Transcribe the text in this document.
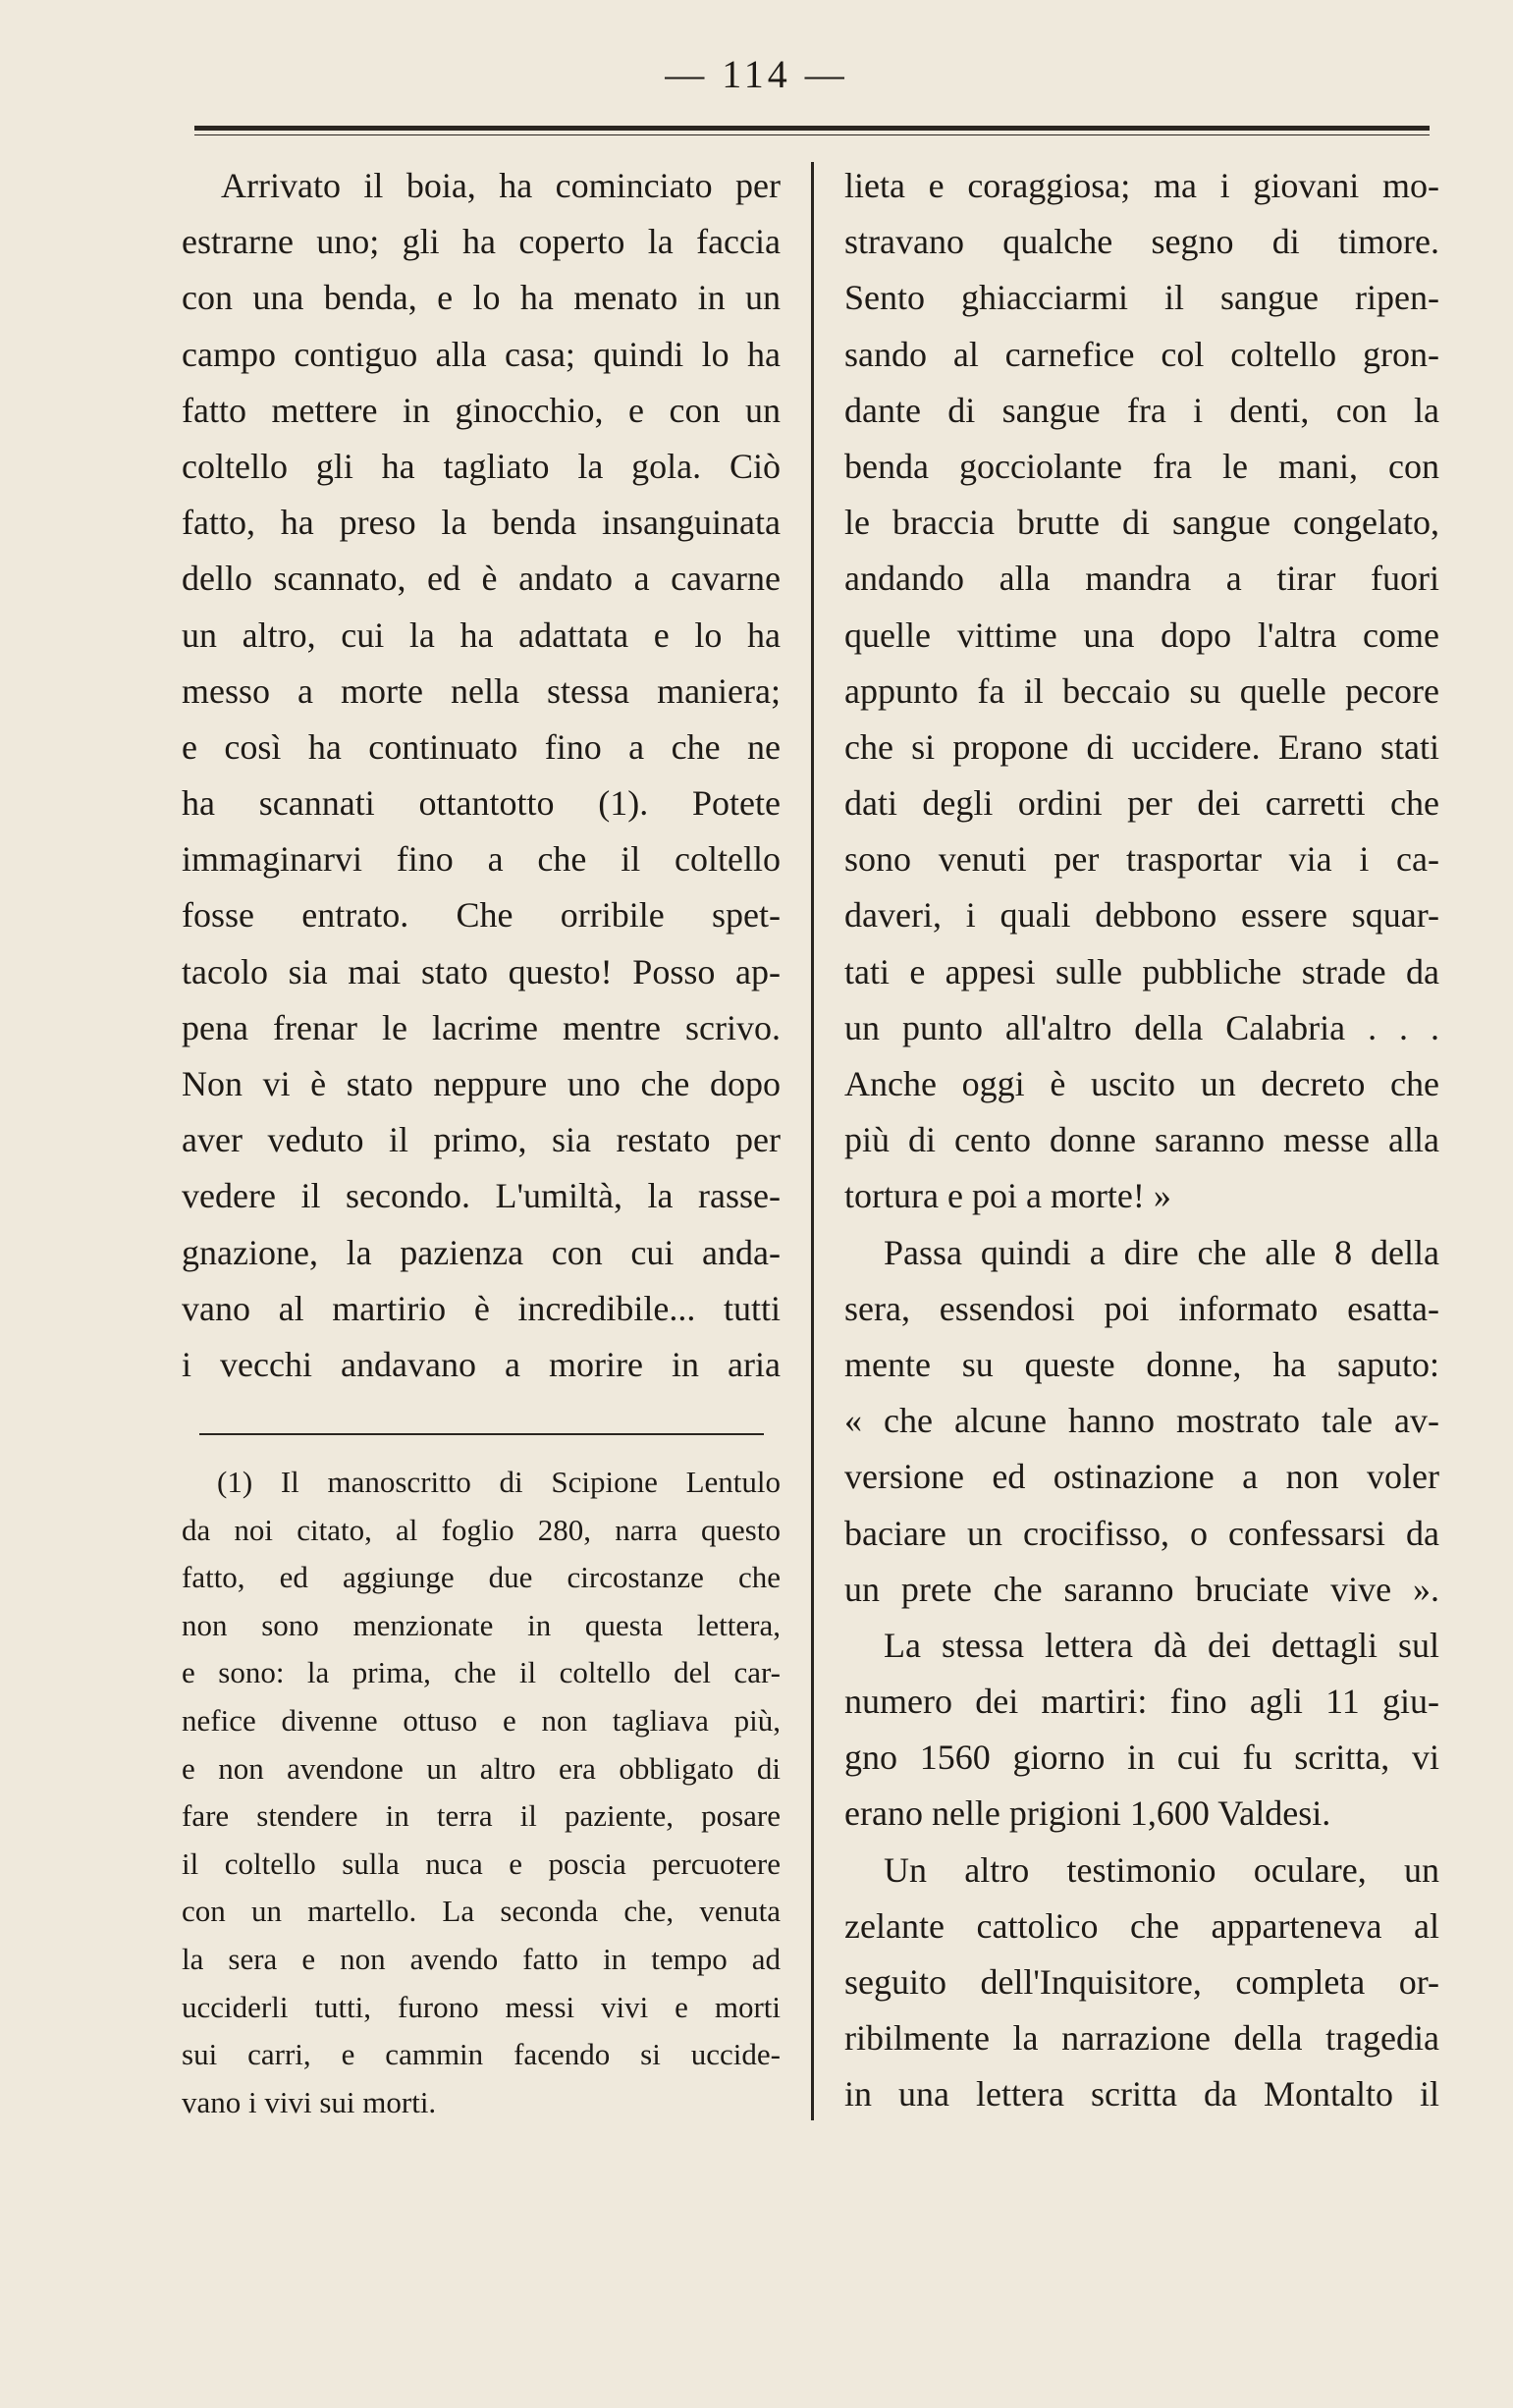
— 114 —
Arrivato il boia, ha cominciato per
estrarne uno; gli ha coperto la faccia
con una benda, e lo ha menato in un
campo contiguo alla casa; quindi lo ha
fatto mettere in ginocchio, e con un
coltello gli ha tagliato la gola. Ciò
fatto, ha preso la benda insanguinata
dello scannato, ed è andato a cavarne
un altro, cui la ha adattata e lo ha
messo a morte nella stessa maniera;
e così ha continuato fino a che ne
ha scannati ottantotto (1). Potete
immaginarvi fino a che il coltello
fosse entrato. Che orribile spet-
tacolo sia mai stato questo! Posso ap-
pena frenar le lacrime mentre scrivo.
Non vi è stato neppure uno che dopo
aver veduto il primo, sia restato per
vedere il secondo. L'umiltà, la rasse-
gnazione, la pazienza con cui anda-
vano al martirio è incredibile... tutti
i vecchi andavano a morire in aria
lieta e coraggiosa; ma i giovani mo-
stravano qualche segno di timore.
Sento ghiacciarmi il sangue ripen-
sando al carnefice col coltello gron-
dante di sangue fra i denti, con la
benda gocciolante fra le mani, con
le braccia brutte di sangue congelato,
andando alla mandra a tirar fuori
quelle vittime una dopo l'altra come
appunto fa il beccaio su quelle pecore
che si propone di uccidere. Erano stati
dati degli ordini per dei carretti che
sono venuti per trasportar via i ca-
daveri, i quali debbono essere squar-
tati e appesi sulle pubbliche strade da
un punto all'altro della Calabria . . .
Anche oggi è uscito un decreto che
più di cento donne saranno messe alla
tortura e poi a morte! »
Passa quindi a dire che alle 8 della
sera, essendosi poi informato esatta-
mente su queste donne, ha saputo:
« che alcune hanno mostrato tale av-
versione ed ostinazione a non voler
baciare un crocifisso, o confessarsi da
un prete che saranno bruciate vive ».
La stessa lettera dà dei dettagli sul
numero dei martiri: fino agli 11 giu-
gno 1560 giorno in cui fu scritta, vi
erano nelle prigioni 1,600 Valdesi.
Un altro testimonio oculare, un
zelante cattolico che apparteneva al
seguito dell'Inquisitore, completa or-
ribilmente la narrazione della tragedia
in una lettera scritta da Montalto il
(1) Il manoscritto di Scipione Lentulo
da noi citato, al foglio 280, narra questo
fatto, ed aggiunge due circostanze che
non sono menzionate in questa lettera,
e sono: la prima, che il coltello del car-
nefice divenne ottuso e non tagliava più,
e non avendone un altro era obbligato di
fare stendere in terra il paziente, posare
il coltello sulla nuca e poscia percuotere
con un martello. La seconda che, venuta
la sera e non avendo fatto in tempo ad
ucciderli tutti, furono messi vivi e morti
sui carri, e cammin facendo si uccide-
vano i vivi sui morti.
